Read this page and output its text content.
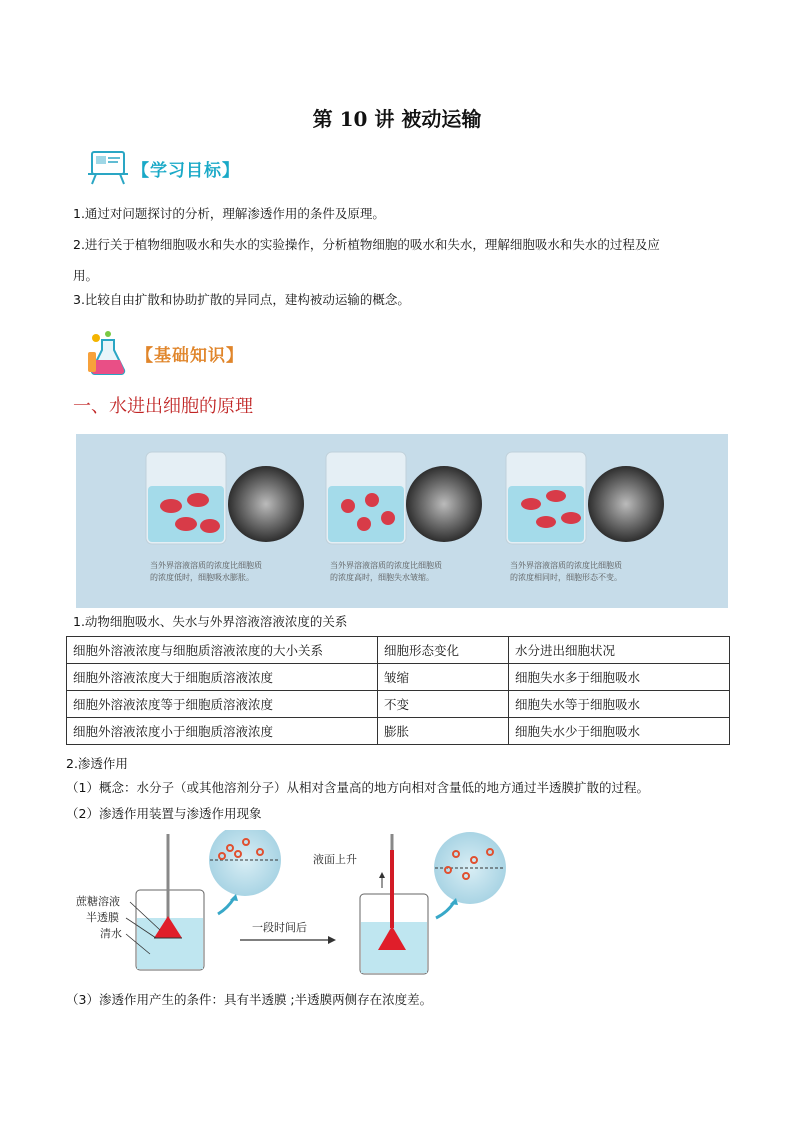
第 10 讲 被动运输
【学习目标】
1.通过对问题探讨的分析，理解渗透作用的条件及原理。
2.进行关于植物细胞吸水和失水的实验操作，分析植物细胞的吸水和失水，理解细胞吸水和失水的过程及应
用。
3.比较自由扩散和协助扩散的异同点，建构被动运输的概念。
【基础知识】
一、水进出细胞的原理
当外界溶液溶质的浓度比细胞质
的浓度低时，细胞吸水膨胀。
当外界溶液溶质的浓度比细胞质
的浓度高时，细胞失水皱缩。
当外界溶液溶质的浓度比细胞质
的浓度相同时，细胞形态不变。
1.动物细胞吸水、失水与外界溶液溶液浓度的关系
细胞外溶液浓度与细胞质溶液浓度的大小关系	细胞形态变化	水分进出细胞状况
细胞外溶液浓度大于细胞质溶液浓度	皱缩	细胞失水多于细胞吸水
细胞外溶液浓度等于细胞质溶液浓度	不变	细胞失水等于细胞吸水
细胞外溶液浓度小于细胞质溶液浓度	膨胀	细胞失水少于细胞吸水
2.渗透作用
（1）概念：水分子（或其他溶剂分子）从相对含量高的地方向相对含量低的地方通过半透膜扩散的过程。
（2）渗透作用装置与渗透作用现象
液面上升
蔗糖溶液
半透膜
清水	一段时间后
（3）渗透作用产生的条件：具有半透膜 ;半透膜两侧存在浓度差。
